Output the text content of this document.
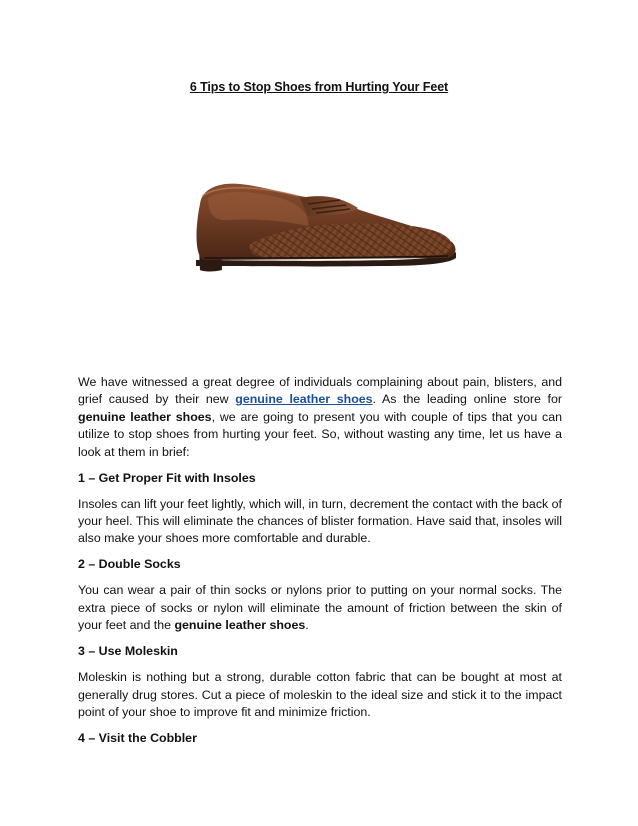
6 Tips to Stop Shoes from Hurting Your Feet

We have witnessed a great degree of individuals complaining about pain, blisters, and grief caused by their new genuine leather shoes. As the leading online store for genuine leather shoes, we are going to present you with couple of tips that you can utilize to stop shoes from hurting your feet. So, without wasting any time, let us have a look at them in brief:

1 – Get Proper Fit with Insoles

Insoles can lift your feet lightly, which will, in turn, decrement the contact with the back of your heel. This will eliminate the chances of blister formation. Have said that, insoles will also make your shoes more comfortable and durable.

2 – Double Socks

You can wear a pair of thin socks or nylons prior to putting on your normal socks. The extra piece of socks or nylon will eliminate the amount of friction between the skin of your feet and the genuine leather shoes.

3 – Use Moleskin

Moleskin is nothing but a strong, durable cotton fabric that can be bought at most at generally drug stores. Cut a piece of moleskin to the ideal size and stick it to the impact point of your shoe to improve fit and minimize friction.

4 – Visit the Cobbler
